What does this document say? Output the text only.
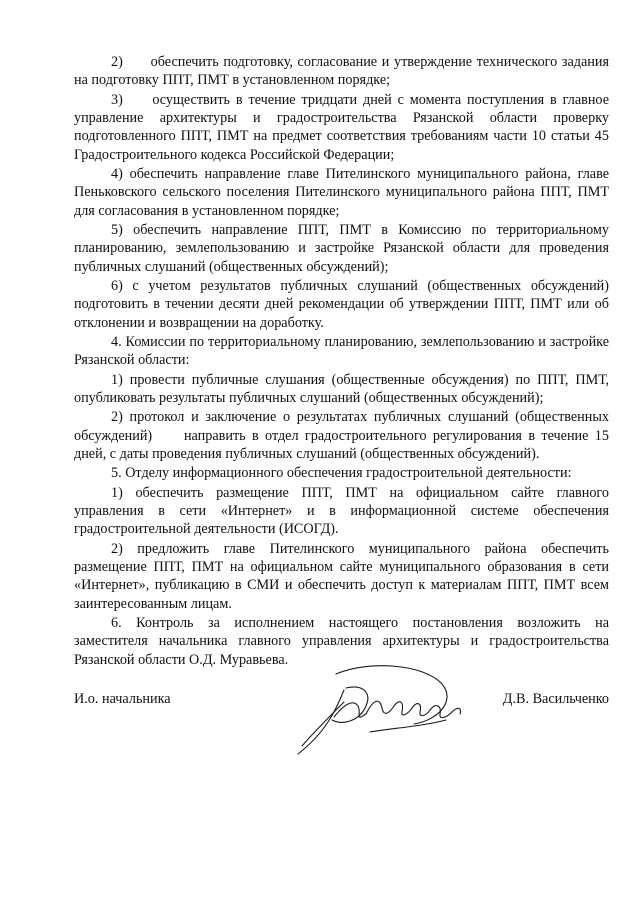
2)      обеспечить подготовку, согласование и утверждение технического задания на подготовку ППТ, ПМТ в установленном порядке;

3)     осуществить в течение тридцати дней с момента поступления в главное управление архитектуры и градостроительства Рязанской области проверку подготовленного ППТ, ПМТ на предмет соответствия требованиям части 10 статьи 45 Градостроительного кодекса Российской Федерации;

4) обеспечить направление главе Пителинского муниципального района, главе Пеньковского сельского поселения Пителинского муниципального района ППТ, ПМТ для согласования в установленном порядке;

5) обеспечить направление ППТ, ПМТ в Комиссию по территориальному планированию, землепользованию и застройке Рязанской области для проведения публичных слушаний (общественных обсуждений);

6) с учетом результатов публичных слушаний (общественных обсуждений) подготовить в течении десяти дней рекомендации об утверждении ППТ, ПМТ или об отклонении и возвращении на доработку.

4. Комиссии по территориальному планированию, землепользованию и застройке Рязанской области:

1) провести публичные слушания (общественные обсуждения) по ППТ, ПМТ, опубликовать результаты публичных слушаний (общественных обсуждений);

2) протокол и заключение о результатах публичных слушаний (общественных обсуждений)     направить в отдел градостроительного регулирования в течение 15 дней, с даты проведения публичных слушаний (общественных обсуждений).

5. Отделу информационного обеспечения градостроительной деятельности:

1) обеспечить размещение ППТ, ПМТ на официальном сайте главного управления в сети «Интернет» и в информационной системе обеспечения градостроительной деятельности (ИСОГД).

2) предложить главе Пителинского муниципального района обеспечить размещение ППТ, ПМТ на официальном сайте муниципального образования в сети «Интернет», публикацию в СМИ и обеспечить доступ к материалам ППТ, ПМТ всем заинтересованным лицам.

6. Контроль за исполнением настоящего постановления возложить на заместителя начальника главного управления архитектуры и градостроительства Рязанской области О.Д. Муравьева.

И.о. начальника	Д.В. Васильченко
